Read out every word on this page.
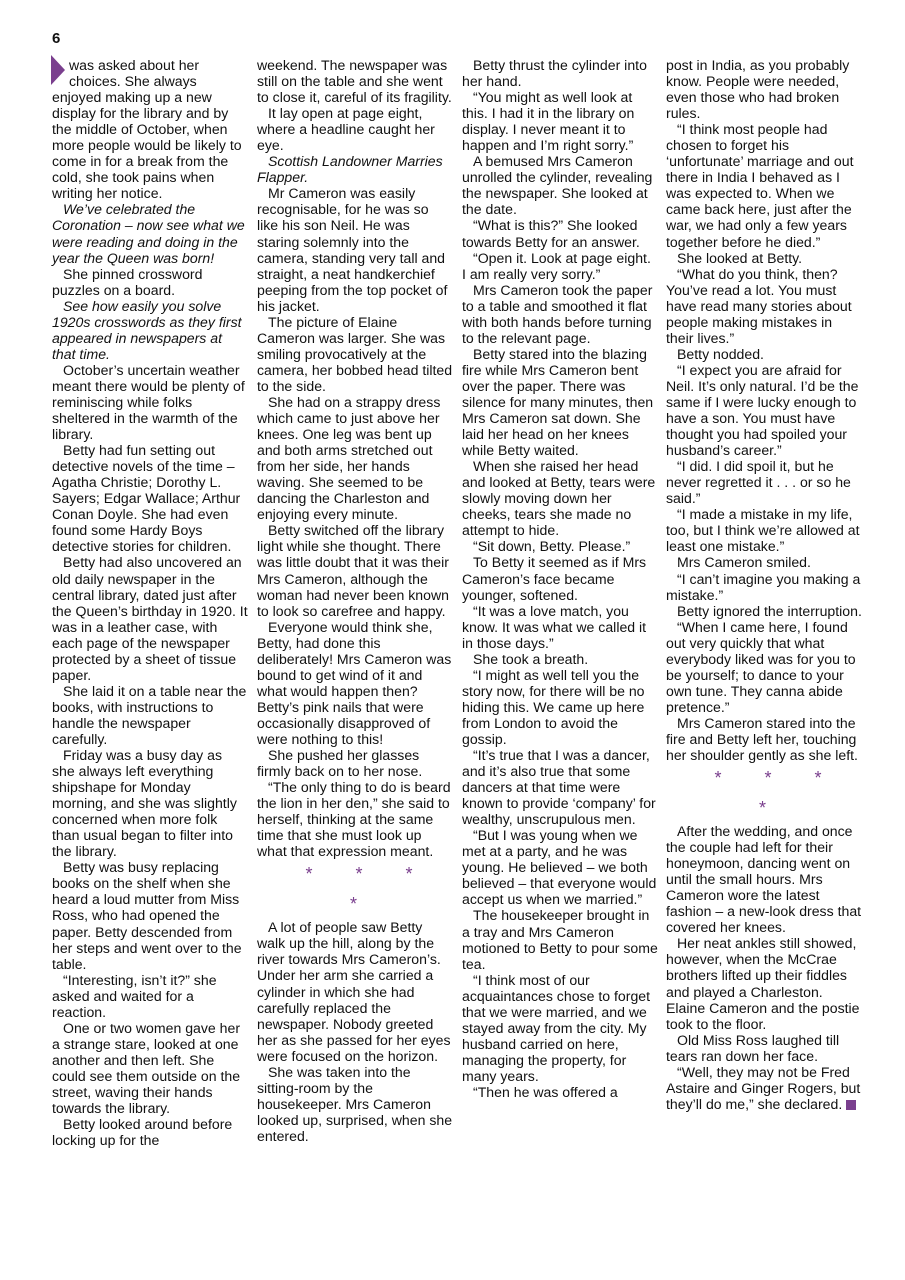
6

was asked about her choices. She always enjoyed making up a new display for the library and by the middle of October, when more people would be likely to come in for a break from the cold, she took pains when writing her notice.

We’ve celebrated the Coronation – now see what we were reading and doing in the year the Queen was born!

She pinned crossword puzzles on a board.

See how easily you solve 1920s crosswords as they first appeared in newspapers at that time.

October’s uncertain weather meant there would be plenty of reminiscing while folks sheltered in the warmth of the library.

Betty had fun setting out detective novels of the time – Agatha Christie; Dorothy L. Sayers; Edgar Wallace; Arthur Conan Doyle. She had even found some Hardy Boys detective stories for children.

Betty had also uncovered an old daily newspaper in the central library, dated just after the Queen’s birthday in 1920. It was in a leather case, with each page of the newspaper protected by a sheet of tissue paper.

She laid it on a table near the books, with instructions to handle the newspaper carefully.

Friday was a busy day as she always left everything shipshape for Monday morning, and she was slightly concerned when more folk than usual began to filter into the library.

Betty was busy replacing books on the shelf when she heard a loud mutter from Miss Ross, who had opened the paper. Betty descended from her steps and went over to the table.

“Interesting, isn’t it?” she asked and waited for a reaction.

One or two women gave her a strange stare, looked at one another and then left. She could see them outside on the street, waving their hands towards the library.

Betty looked around before locking up for the

weekend. The newspaper was still on the table and she went to close it, careful of its fragility.

It lay open at page eight, where a headline caught her eye.

Scottish Landowner Marries Flapper.

Mr Cameron was easily recognisable, for he was so like his son Neil. He was staring solemnly into the camera, standing very tall and straight, a neat handkerchief peeping from the top pocket of his jacket.

The picture of Elaine Cameron was larger. She was smiling provocatively at the camera, her bobbed head tilted to the side.

She had on a strappy dress which came to just above her knees. One leg was bent up and both arms stretched out from her side, her hands waving. She seemed to be dancing the Charleston and enjoying every minute.

Betty switched off the library light while she thought. There was little doubt that it was their Mrs Cameron, although the woman had never been known to look so carefree and happy.

Everyone would think she, Betty, had done this deliberately! Mrs Cameron was bound to get wind of it and what would happen then? Betty’s pink nails that were occasionally disapproved of were nothing to this!

She pushed her glasses firmly back on to her nose.

“The only thing to do is beard the lion in her den,” she said to herself, thinking at the same time that she must look up what that expression meant.

* * * *

A lot of people saw Betty walk up the hill, along by the river towards Mrs Cameron’s. Under her arm she carried a cylinder in which she had carefully replaced the newspaper. Nobody greeted her as she passed for her eyes were focused on the horizon.

She was taken into the sitting-room by the housekeeper. Mrs Cameron looked up, surprised, when she entered.

Betty thrust the cylinder into her hand.

“You might as well look at this. I had it in the library on display. I never meant it to happen and I’m right sorry.”

A bemused Mrs Cameron unrolled the cylinder, revealing the newspaper. She looked at the date.

“What is this?” She looked towards Betty for an answer.

“Open it. Look at page eight. I am really very sorry.”

Mrs Cameron took the paper to a table and smoothed it flat with both hands before turning to the relevant page.

Betty stared into the blazing fire while Mrs Cameron bent over the paper. There was silence for many minutes, then Mrs Cameron sat down. She laid her head on her knees while Betty waited.

When she raised her head and looked at Betty, tears were slowly moving down her cheeks, tears she made no attempt to hide.

“Sit down, Betty. Please.”

To Betty it seemed as if Mrs Cameron’s face became younger, softened.

“It was a love match, you know. It was what we called it in those days.”

She took a breath.

“I might as well tell you the story now, for there will be no hiding this. We came up here from London to avoid the gossip.

“It’s true that I was a dancer, and it’s also true that some dancers at that time were known to provide ‘company’ for wealthy, unscrupulous men.

“But I was young when we met at a party, and he was young. He believed – we both believed – that everyone would accept us when we married.”

The housekeeper brought in a tray and Mrs Cameron motioned to Betty to pour some tea.

“I think most of our acquaintances chose to forget that we were married, and we stayed away from the city. My husband carried on here, managing the property, for many years.

“Then he was offered a

post in India, as you probably know. People were needed, even those who had broken rules.

“I think most people had chosen to forget his ‘unfortunate’ marriage and out there in India I behaved as I was expected to. When we came back here, just after the war, we had only a few years together before he died.”

She looked at Betty.

“What do you think, then? You’ve read a lot. You must have read many stories about people making mistakes in their lives.”

Betty nodded.

“I expect you are afraid for Neil. It’s only natural. I’d be the same if I were lucky enough to have a son. You must have thought you had spoiled your husband’s career.”

“I did. I did spoil it, but he never regretted it . . . or so he said.”

“I made a mistake in my life, too, but I think we’re allowed at least one mistake.”

Mrs Cameron smiled.

“I can’t imagine you making a mistake.”

Betty ignored the interruption.

“When I came here, I found out very quickly that what everybody liked was for you to be yourself; to dance to your own tune. They canna abide pretence.”

Mrs Cameron stared into the fire and Betty left her, touching her shoulder gently as she left.

* * * *

After the wedding, and once the couple had left for their honeymoon, dancing went on until the small hours. Mrs Cameron wore the latest fashion – a new-look dress that covered her knees.

Her neat ankles still showed, however, when the McCrae brothers lifted up their fiddles and played a Charleston. Elaine Cameron and the postie took to the floor.

Old Miss Ross laughed till tears ran down her face.

“Well, they may not be Fred Astaire and Ginger Rogers, but they’ll do me,” she declared.
